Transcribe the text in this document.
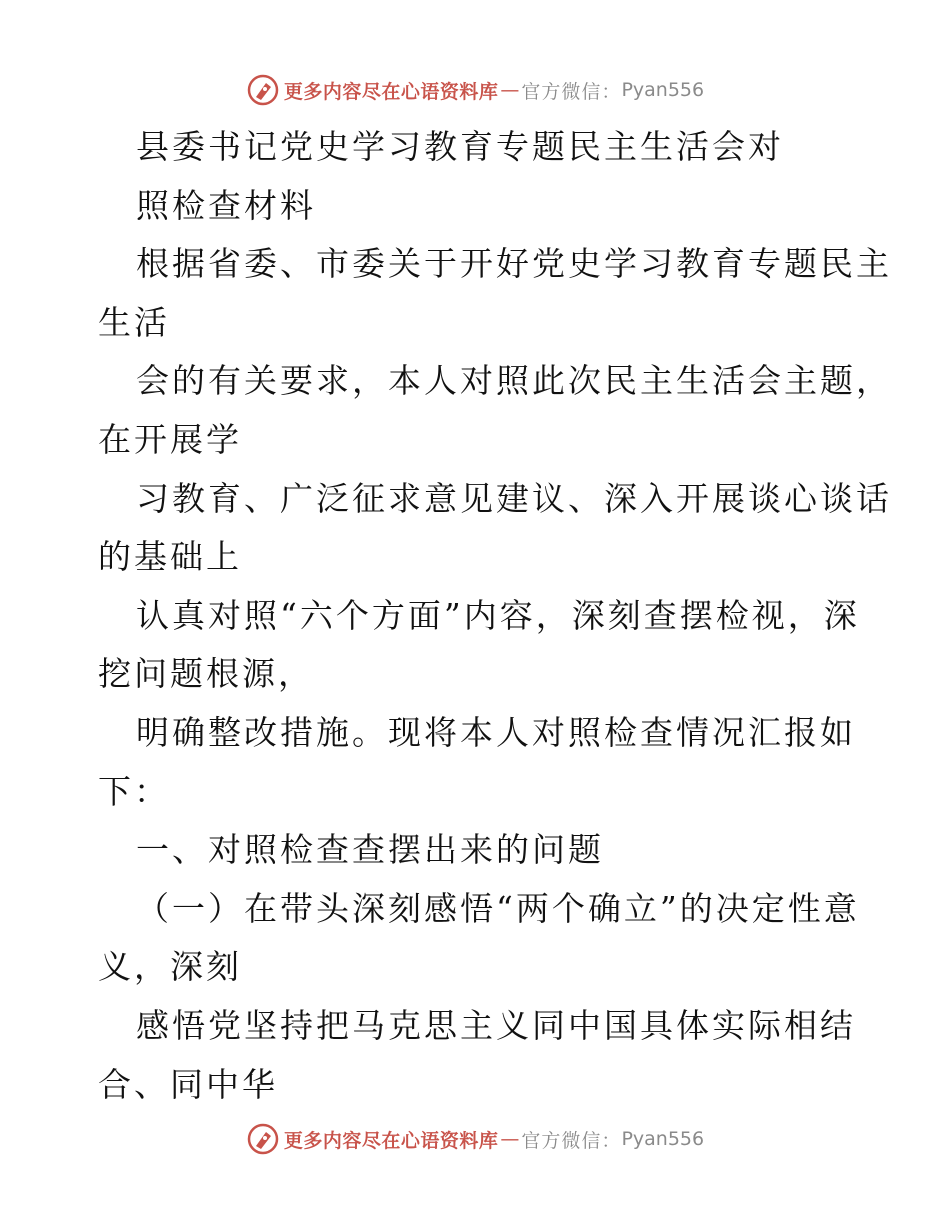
更多内容尽在心语资料库 — 官方微信： Pyan556
县委书记党史学习教育专题民主生活会对
照检查材料
根据省委、市委关于开好党史学习教育专题民主
生活
会的有关要求，本人对照此次民主生活会主题，
在开展学
习教育、广泛征求意见建议、深入开展谈心谈话
的基础上
认真对照“六个方面”内容，深刻查摆检视，深
挖问题根源，
明确整改措施。现将本人对照检查情况汇报如
下：
一、对照检查查摆出来的问题
（一）在带头深刻感悟“两个确立”的决定性意
义，深刻
感悟党坚持把马克思主义同中国具体实际相结
合、同中华
更多内容尽在心语资料库 — 官方微信： Pyan556
